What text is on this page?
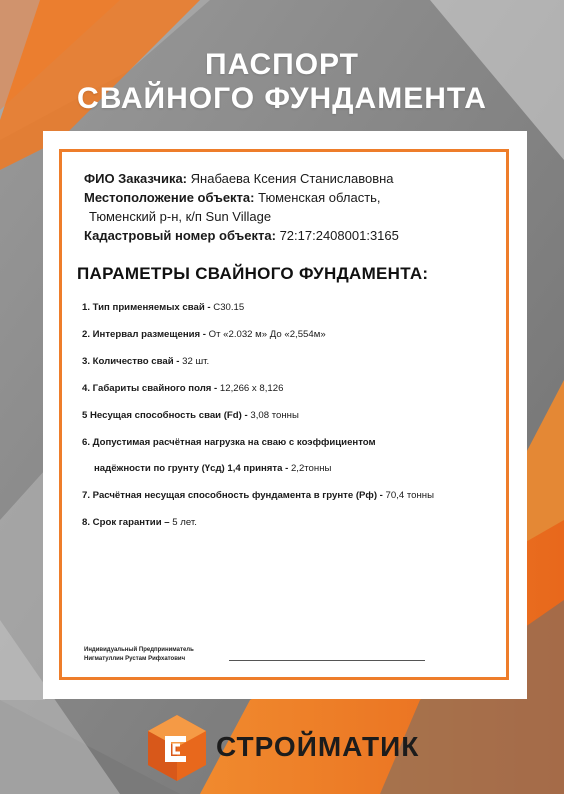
ПАСПОРТ
СВАЙНОГО ФУНДАМЕНТА
ФИО Заказчика: Янабаева Ксения Станиславовна
Местоположение объекта: Тюменская область,
Тюменский р-н, к/п Sun Village
Кадастровый номер объекта: 72:17:2408001:3165
ПАРАМЕТРЫ СВАЙНОГО ФУНДАМЕНТА:
1. Тип применяемых свай - С30.15
2. Интервал размещения - От «2.032 м» До «2,554м»
3. Количество свай - 32 шт.
4. Габариты свайного поля - 12,266 x 8,126
5 Несущая способность сваи (Fd) - 3,08 тонны
6. Допустимая расчётная нагрузка на сваю с коэффициентом
надёжности по грунту (Үсд) 1,4 принята - 2,2тонны
7. Расчётная несущая способность фундамента в грунте (Рф) - 70,4 тонны
8. Срок гарантии – 5 лет.
Индивидуальный Предприниматель
Нигматуллин Рустам Рифхатович
СТРОЙМАТИК
